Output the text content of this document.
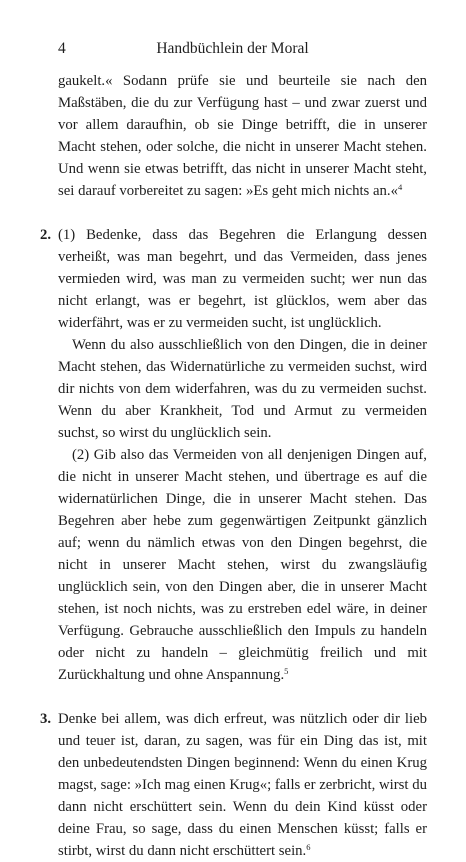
4	Handbüchlein der Moral

gaukelt.« Sodann prüfe sie und beurteile sie nach den Maßstäben, die du zur Verfügung hast – und zwar zuerst und vor allem daraufhin, ob sie Dinge betrifft, die in unserer Macht stehen, oder solche, die nicht in unserer Macht stehen. Und wenn sie etwas betrifft, das nicht in unserer Macht steht, sei darauf vorbereitet zu sagen: »Es geht mich nichts an.«$^4$

2. (1) Bedenke, dass das Begehren die Erlangung dessen verheißt, was man begehrt, und das Vermeiden, dass jenes vermieden wird, was man zu vermeiden sucht; wer nun das nicht erlangt, was er begehrt, ist glücklos, wem aber das widerfährt, was er zu vermeiden sucht, ist unglücklich.

Wenn du also ausschließlich von den Dingen, die in deiner Macht stehen, das Widernatürliche zu vermeiden suchst, wird dir nichts von dem widerfahren, was du zu vermeiden suchst. Wenn du aber Krankheit, Tod und Armut zu vermeiden suchst, so wirst du unglücklich sein.

(2) Gib also das Vermeiden von all denjenigen Dingen auf, die nicht in unserer Macht stehen, und übertrage es auf die widernatürlichen Dinge, die in unserer Macht stehen. Das Begehren aber hebe zum gegenwärtigen Zeitpunkt gänzlich auf; wenn du nämlich etwas von den Dingen begehrst, die nicht in unserer Macht stehen, wirst du zwangsläufig unglücklich sein, von den Dingen aber, die in unserer Macht stehen, ist noch nichts, was zu erstreben edel wäre, in deiner Verfügung. Gebrauche ausschließlich den Impuls zu handeln oder nicht zu handeln – gleichmütig freilich und mit Zurückhaltung und ohne Anspannung.$^5$

3. Denke bei allem, was dich erfreut, was nützlich oder dir lieb und teuer ist, daran, zu sagen, was für ein Ding das ist, mit den unbedeutendsten Dingen beginnend: Wenn du einen Krug magst, sage: »Ich mag einen Krug«; falls er zerbricht, wirst du dann nicht erschüttert sein. Wenn du dein Kind küsst oder deine Frau, so sage, dass du einen Menschen küsst; falls er stirbt, wirst du dann nicht erschüttert sein.$^6$
